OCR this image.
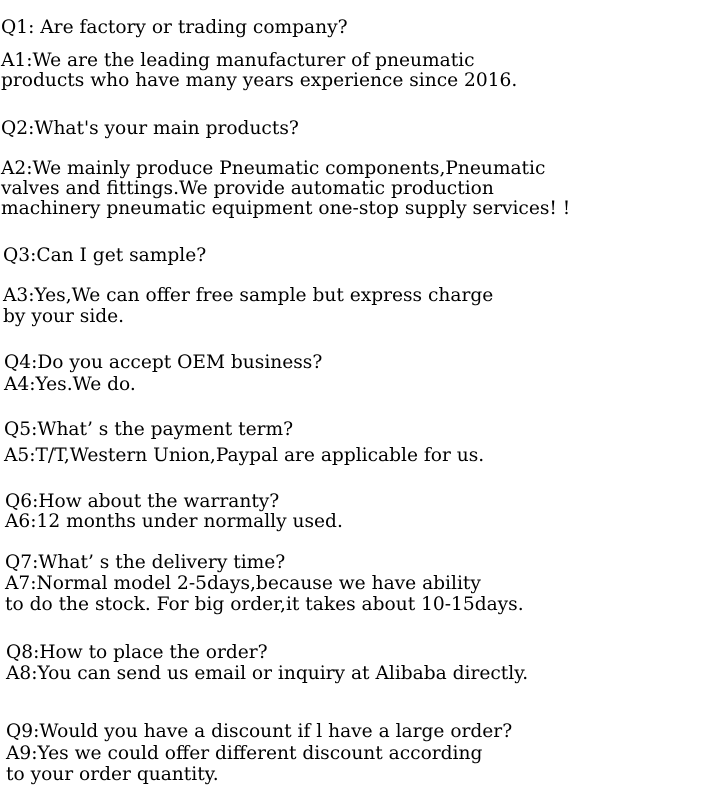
Q1: Are factory or trading company?
A1:We are the leading manufacturer of pneumatic
products who have many years experience since 2016.
Q2:What's your main products?
A2:We mainly produce Pneumatic components,Pneumatic
valves and fittings.We provide automatic production
machinery pneumatic equipment one-stop supply services! !
Q3:Can I get sample?
A3:Yes,We can offer free sample but express charge
by your side.
Q4:Do you accept OEM business?
A4:Yes.We do.
Q5:What’ s the payment term?
A5:T/T,Western Union,Paypal are applicable for us.
Q6:How about the warranty?
A6:12 months under normally used.
Q7:What’ s the delivery time?
A7:Normal model 2-5days,because we have ability
to do the stock. For big order,it takes about 10-15days.
Q8:How to place the order?
A8:You can send us email or inquiry at Alibaba directly.
Q9:Would you have a discount if l have a large order?
A9:Yes we could offer different discount according
to your order quantity.
